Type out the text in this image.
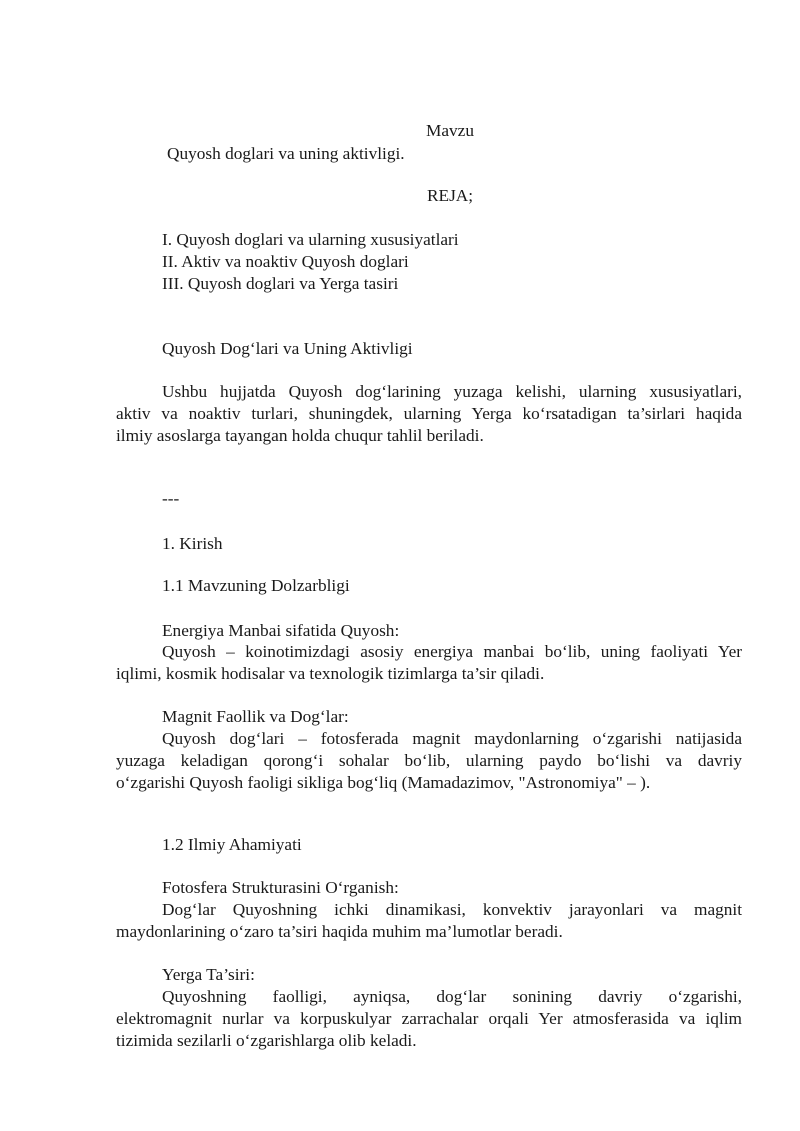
Mavzu
Quyosh doglari va uning aktivligi.
REJA;
I. Quyosh doglari va ularning xususiyatlari
II. Aktiv va noaktiv Quyosh doglari
III. Quyosh doglari va Yerga tasiri
Quyosh Dog‘lari va Uning Aktivligi
Ushbu hujjatda Quyosh dog‘larining yuzaga kelishi, ularning xususiyatlari,
aktiv va noaktiv turlari, shuningdek, ularning Yerga ko‘rsatadigan ta’sirlari haqida
ilmiy asoslarga tayangan holda chuqur tahlil beriladi.
---
1. Kirish
1.1 Mavzuning Dolzarbligi
Energiya Manbai sifatida Quyosh:
Quyosh – koinotimizdagi asosiy energiya manbai bo‘lib, uning faoliyati Yer
iqlimi, kosmik hodisalar va texnologik tizimlarga ta’sir qiladi.
Magnit Faollik va Dog‘lar:
Quyosh dog‘lari – fotosferada magnit maydonlarning o‘zgarishi natijasida
yuzaga keladigan qorong‘i sohalar bo‘lib, ularning paydo bo‘lishi va davriy
o‘zgarishi Quyosh faoligi sikliga bog‘liq (Mamadazimov, "Astronomiya" – ).
1.2 Ilmiy Ahamiyati
Fotosfera Strukturasini O‘rganish:
Dog‘lar Quyoshning ichki dinamikasi, konvektiv jarayonlari va magnit
maydonlarining o‘zaro ta’siri haqida muhim ma’lumotlar beradi.
Yerga Ta’siri:
Quyoshning faolligi, ayniqsa, dog‘lar sonining davriy o‘zgarishi,
elektromagnit nurlar va korpuskulyar zarrachalar orqali Yer atmosferasida va iqlim
tizimida sezilarli o‘zgarishlarga olib keladi.
